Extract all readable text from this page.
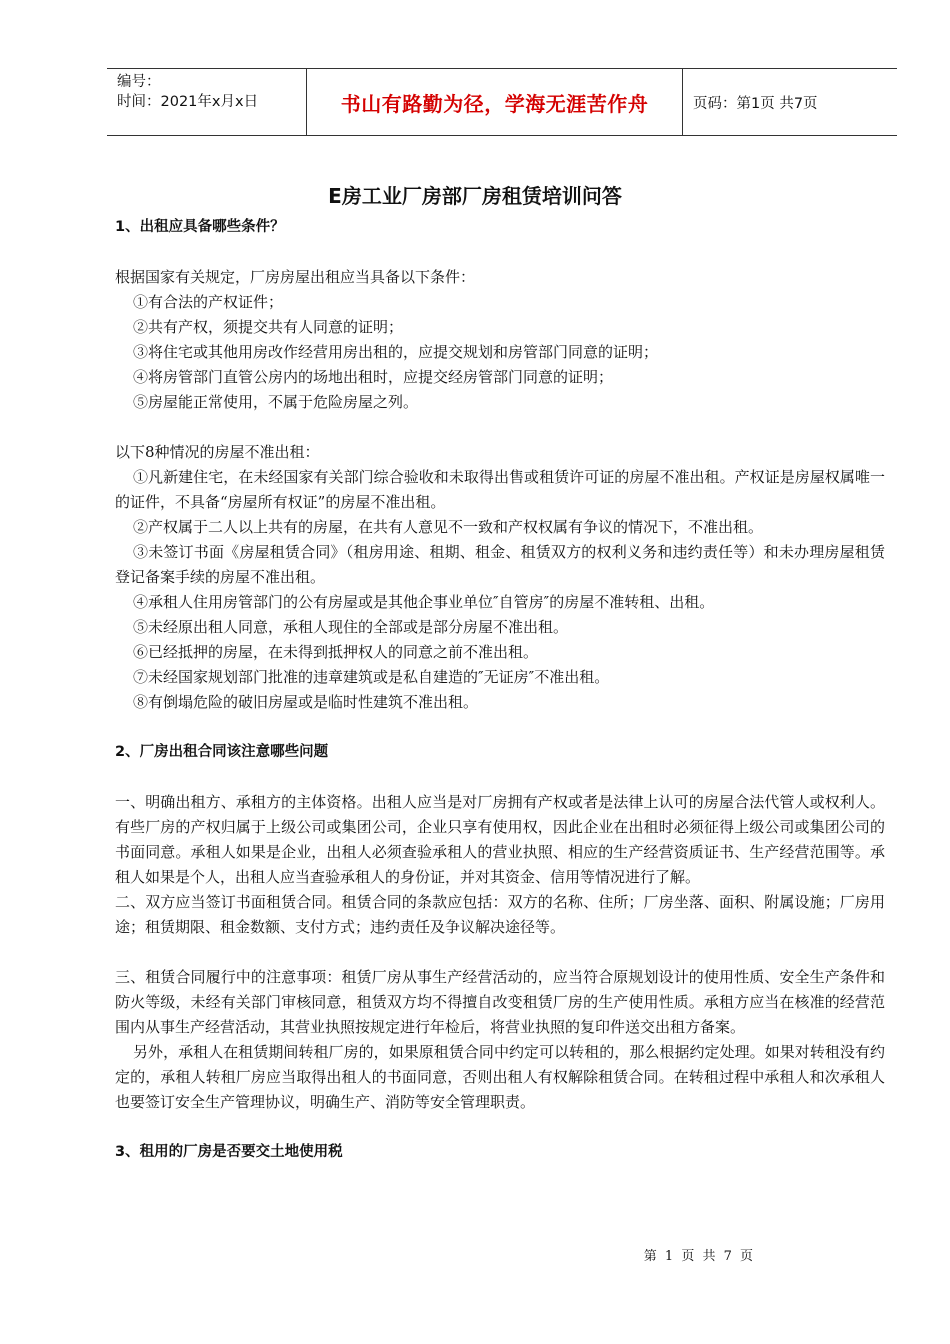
编号：
时间：2021年x月x日	书山有路勤为径，学海无涯苦作舟	页码：第1页 共7页
E房工业厂房部厂房租赁培训问答

1、出租应具备哪些条件？

根据国家有关规定，厂房房屋出租应当具备以下条件：

①有合法的产权证件；

②共有产权，须提交共有人同意的证明；

③将住宅或其他用房改作经营用房出租的，应提交规划和房管部门同意的证明；

④将房管部门直管公房内的场地出租时，应提交经房管部门同意的证明；

⑤房屋能正常使用，不属于危险房屋之列。

以下8种情况的房屋不准出租：

①凡新建住宅，在未经国家有关部门综合验收和未取得出售或租赁许可证的房屋不准出租。产权证是房屋权属唯一的证件，不具备“房屋所有权证”的房屋不准出租。

②产权属于二人以上共有的房屋，在共有人意见不一致和产权权属有争议的情况下，不准出租。

③未签订书面《房屋租赁合同》（租房用途、租期、租金、租赁双方的权利义务和违约责任等）和未办理房屋租赁登记备案手续的房屋不准出租。

④承租人住用房管部门的公有房屋或是其他企事业单位″自管房″的房屋不准转租、出租。

⑤未经原出租人同意，承租人现住的全部或是部分房屋不准出租。

⑥已经抵押的房屋，在未得到抵押权人的同意之前不准出租。

⑦未经国家规划部门批准的违章建筑或是私自建造的″无证房″不准出租。

⑧有倒塌危险的破旧房屋或是临时性建筑不准出租。

2、厂房出租合同该注意哪些问题

一、明确出租方、承租方的主体资格。出租人应当是对厂房拥有产权或者是法律上认可的房屋合法代管人或权利人。有些厂房的产权归属于上级公司或集团公司，企业只享有使用权，因此企业在出租时必须征得上级公司或集团公司的书面同意。承租人如果是企业，出租人必须查验承租人的营业执照、相应的生产经营资质证书、生产经营范围等。承租人如果是个人，出租人应当查验承租人的身份证，并对其资金、信用等情况进行了解。

二、双方应当签订书面租赁合同。租赁合同的条款应包括：双方的名称、住所；厂房坐落、面积、附属设施；厂房用途；租赁期限、租金数额、支付方式；违约责任及争议解决途径等。

三、租赁合同履行中的注意事项：租赁厂房从事生产经营活动的，应当符合原规划设计的使用性质、安全生产条件和防火等级，未经有关部门审核同意，租赁双方均不得擅自改变租赁厂房的生产使用性质。承租方应当在核准的经营范围内从事生产经营活动，其营业执照按规定进行年检后，将营业执照的复印件送交出租方备案。

另外，承租人在租赁期间转租厂房的，如果原租赁合同中约定可以转租的，那么根据约定处理。如果对转租没有约定的，承租人转租厂房应当取得出租人的书面同意，否则出租人有权解除租赁合同。在转租过程中承租人和次承租人也要签订安全生产管理协议，明确生产、消防等安全管理职责。

3、租用的厂房是否要交土地使用税

第 1 页 共 7 页
